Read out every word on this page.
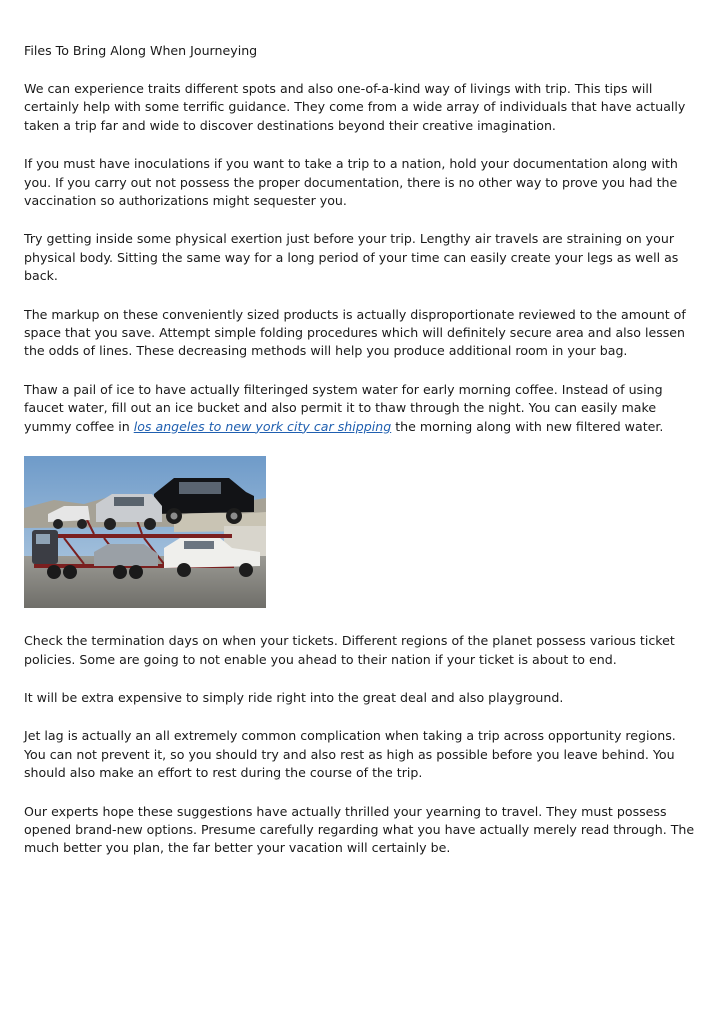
Files To Bring Along When Journeying

We can experience traits different spots and also one-of-a-kind way of livings with trip. This tips will certainly help with some terrific guidance. They come from a wide array of individuals that have actually taken a trip far and wide to discover destinations beyond their creative imagination.

If you must have inoculations if you want to take a trip to a nation, hold your documentation along with you. If you carry out not possess the proper documentation, there is no other way to prove you had the vaccination so authorizations might sequester you.

Try getting inside some physical exertion just before your trip. Lengthy air travels are straining on your physical body. Sitting the same way for a long period of your time can easily create your legs as well as back.

The markup on these conveniently sized products is actually disproportionate reviewed to the amount of space that you save. Attempt simple folding procedures which will definitely secure area and also lessen the odds of lines. These decreasing methods will help you produce additional room in your bag.

Thaw a pail of ice to have actually filteringed system water for early morning coffee. Instead of using faucet water, fill out an ice bucket and also permit it to thaw through the night. You can easily make yummy coffee in los angeles to new york city car shipping the morning along with new filtered water.

Check the termination days on when your tickets. Different regions of the planet possess various ticket policies. Some are going to not enable you ahead to their nation if your ticket is about to end.

It will be extra expensive to simply ride right into the great deal and also playground.

Jet lag is actually an all extremely common complication when taking a trip across opportunity regions. You can not prevent it, so you should try and also rest as high as possible before you leave behind. You should also make an effort to rest during the course of the trip.

Our experts hope these suggestions have actually thrilled your yearning to travel. They must possess opened brand-new options. Presume carefully regarding what you have actually merely read through. The much better you plan, the far better your vacation will certainly be.
